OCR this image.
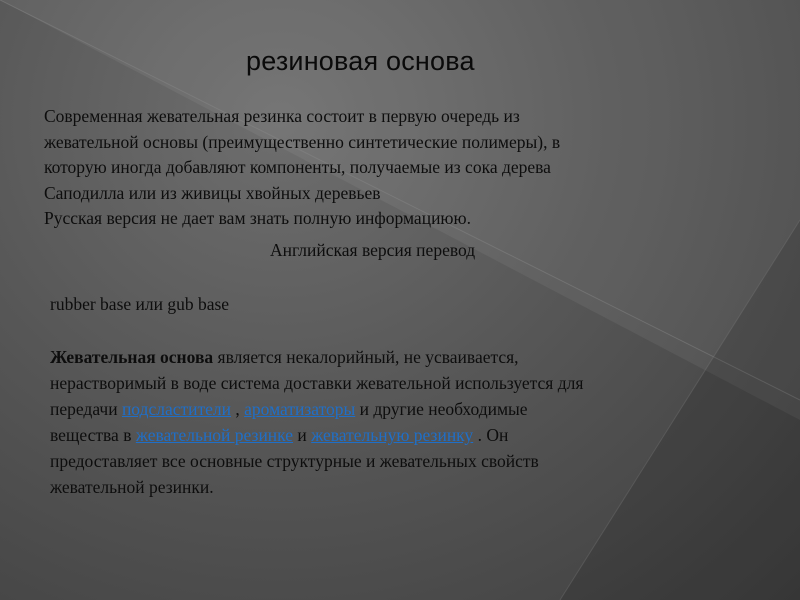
резиновая основа
Современная жевательная резинка состоит в первую очередь из
жевательной основы (преимущественно синтетические полимеры), в
которую иногда добавляют компоненты, получаемые из сока дерева
Саподилла или из живицы хвойных деревьев
Русская версия не дает вам знать полную информациюю.
Английская версия перевод
rubber base или gub base
Жевательная основа является некалорийный, не усваивается,
нерастворимый в воде система доставки жевательной используется для
передачи подсластители , ароматизаторы и другие необходимые
вещества в жевательной резинке и жевательную резинку . Он
предоставляет все основные структурные и жевательных свойств
жевательной резинки.
